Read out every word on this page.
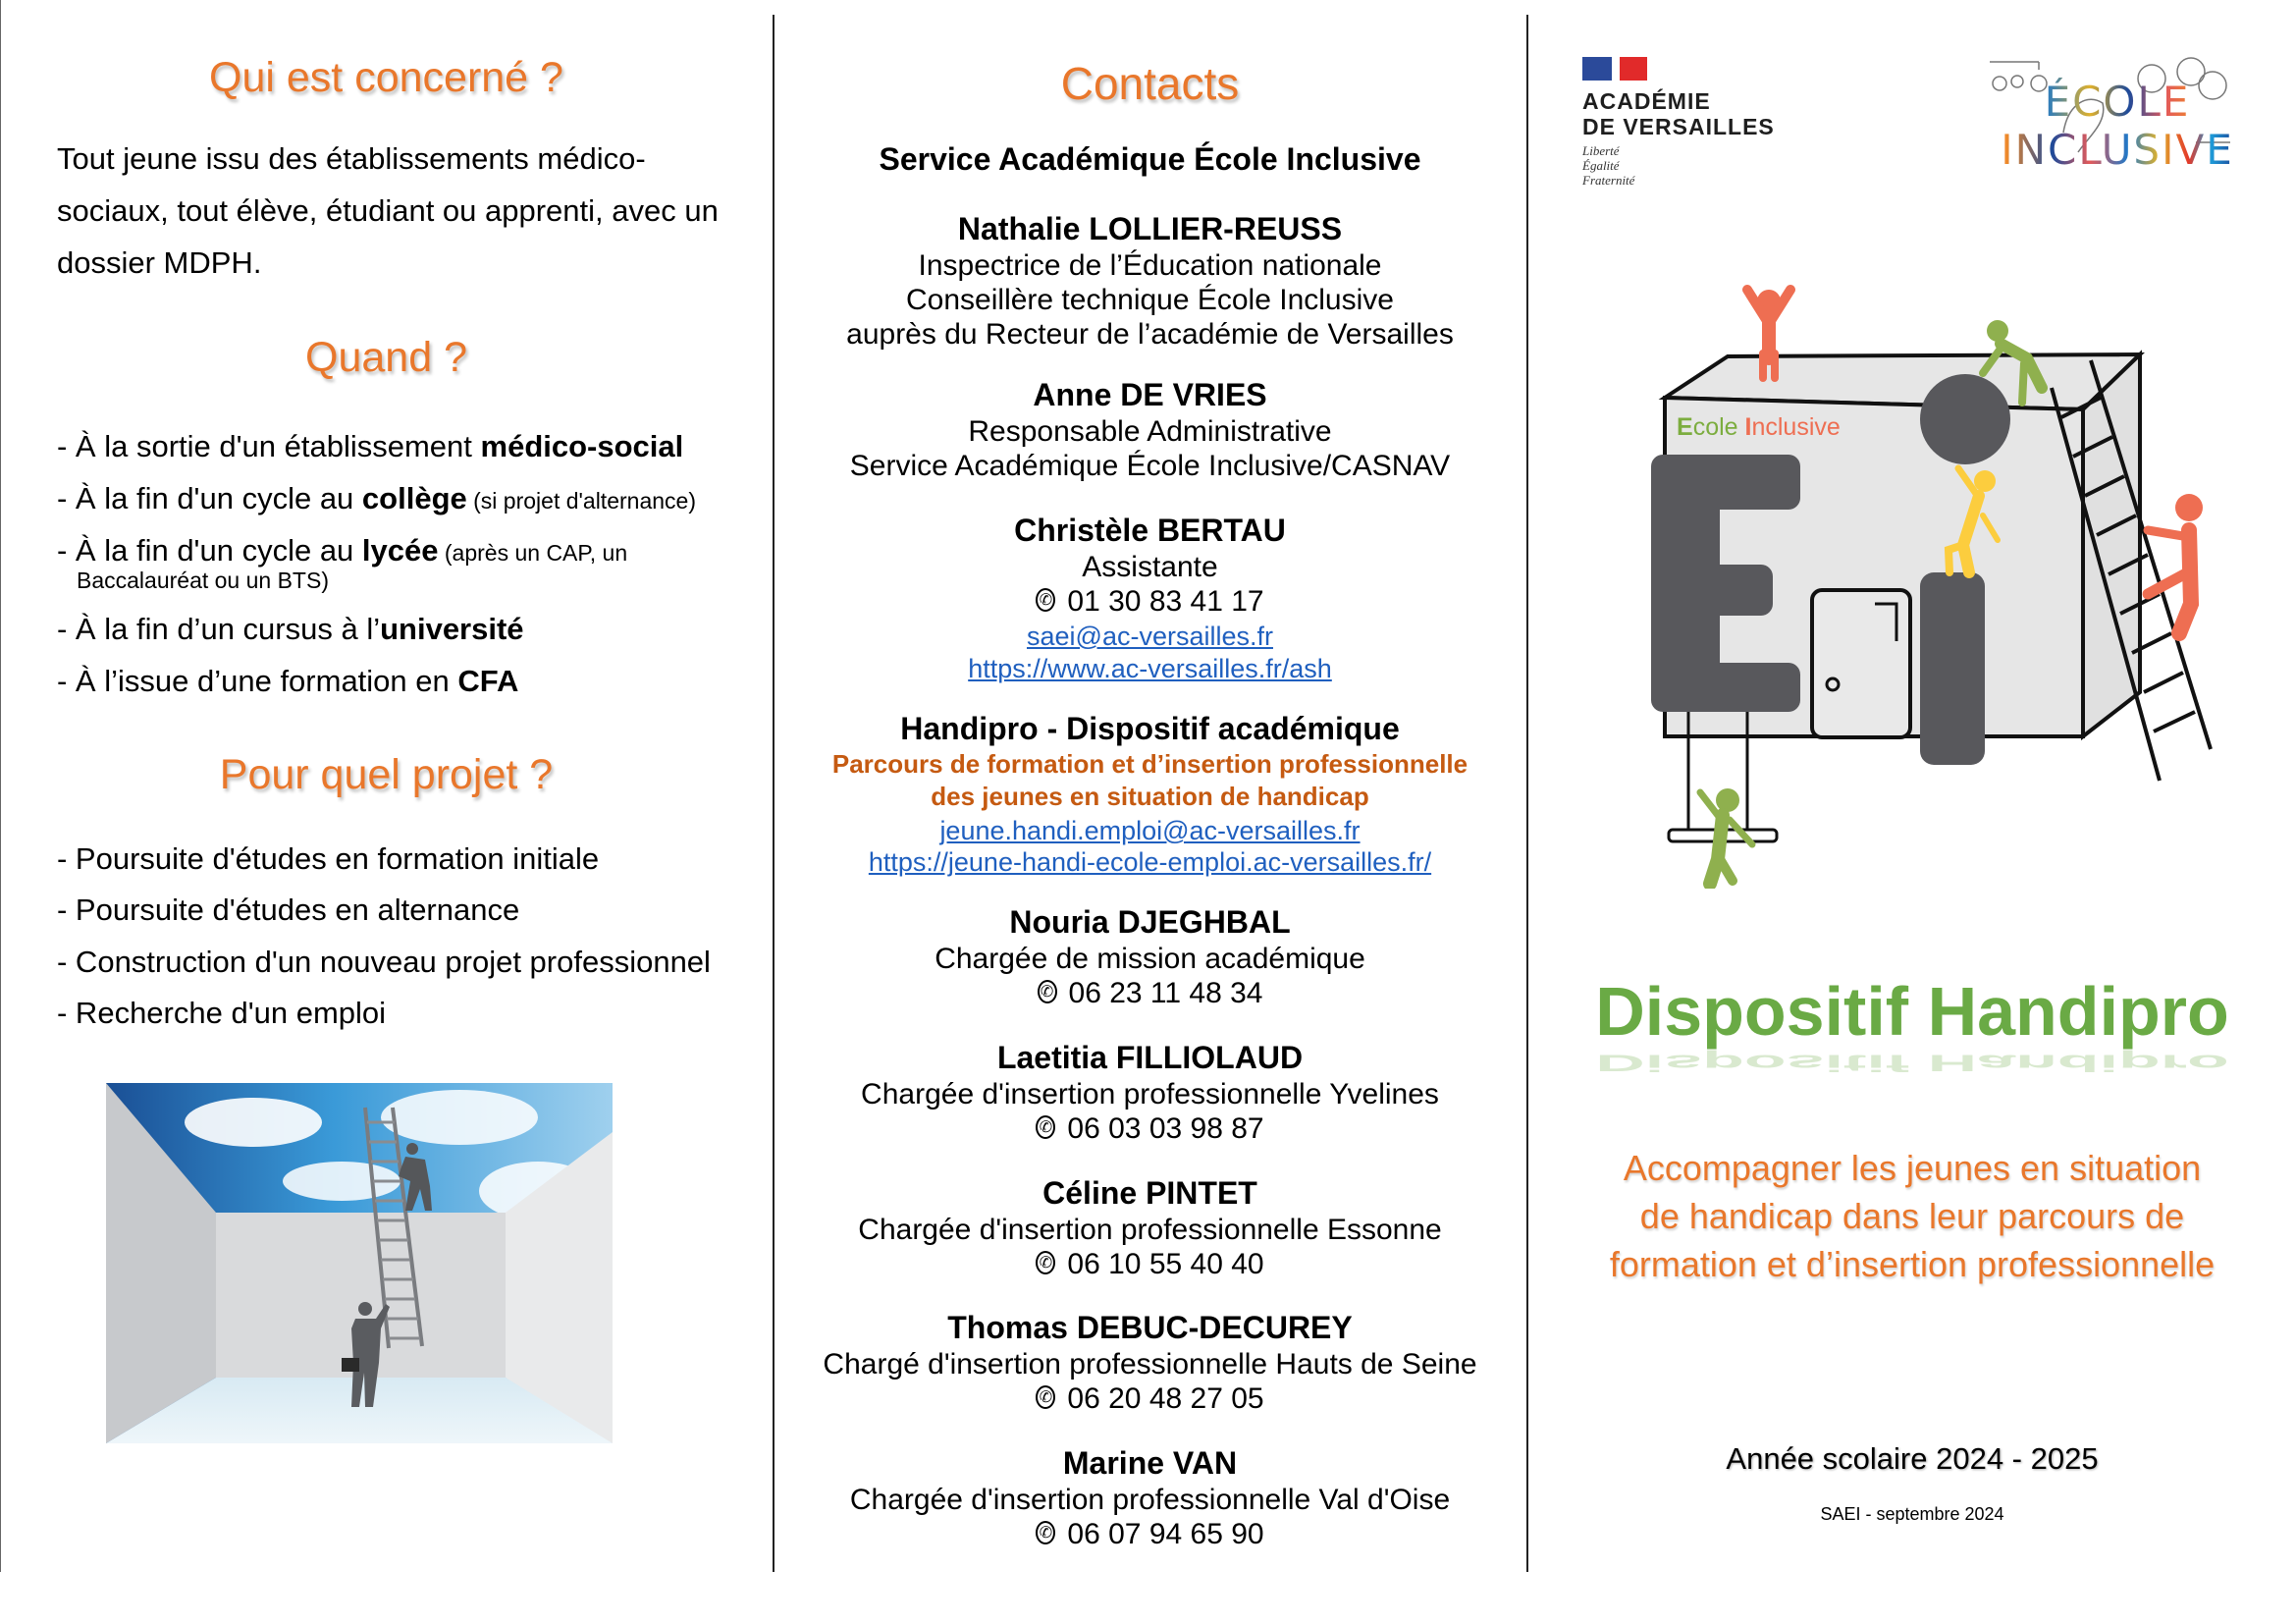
Qui est concerné ?
Tout jeune issu des établissements médico-
sociaux, tout élève, étudiant ou apprenti, avec un
dossier MDPH.
Quand ?
- À la sortie d'un établissement médico-social
- À la fin d'un cycle au collège (si projet d'alternance)
- À la fin d'un cycle au lycée (après un CAP, un
Baccalauréat ou un BTS)
- À la fin d’un cursus à l’université
- À l’issue d’une formation en CFA
Pour quel projet ?
- Poursuite d'études en formation initiale
- Poursuite d'études en alternance
- Construction d'un nouveau projet professionnel
- Recherche d'un emploi
Contacts
Service Académique École Inclusive
Nathalie LOLLIER-REUSS
Inspectrice de l’Éducation nationale
Conseillère technique École Inclusive
auprès du Recteur de l’académie de Versailles
Anne DE VRIES
Responsable Administrative
Service Académique École Inclusive/CASNAV
Christèle BERTAU
Assistante
✆ 01 30 83 41 17
saei@ac-versailles.fr
https://www.ac-versailles.fr/ash
Handipro - Dispositif académique
Parcours de formation et d’insertion professionnelle
des jeunes en situation de handicap
jeune.handi.emploi@ac-versailles.fr
https://jeune-handi-ecole-emploi.ac-versailles.fr/
Nouria DJEGHBAL
Chargée de mission académique
✆ 06 23 11 48 34
Laetitia FILLIOLAUD
Chargée d'insertion professionnelle Yvelines
✆ 06 03 03 98 87
Céline PINTET
Chargée d'insertion professionnelle Essonne
✆ 06 10 55 40 40
Thomas DEBUC-DECUREY
Chargé d'insertion professionnelle Hauts de Seine
✆ 06 20 48 27 05
Marine VAN
Chargée d'insertion professionnelle Val d'Oise
✆ 06 07 94 65 90
ACADÉMIE
DE VERSAILLES
Liberté
Égalité
Fraternité
ÉCOLE INCLUSIVE
Ecole Inclusive
Dispositif Handipro
Dispositif Handipro
Accompagner les jeunes en situation
de handicap dans leur parcours de
formation et d’insertion professionnelle
Année scolaire 2024 - 2025
SAEI - septembre 2024
